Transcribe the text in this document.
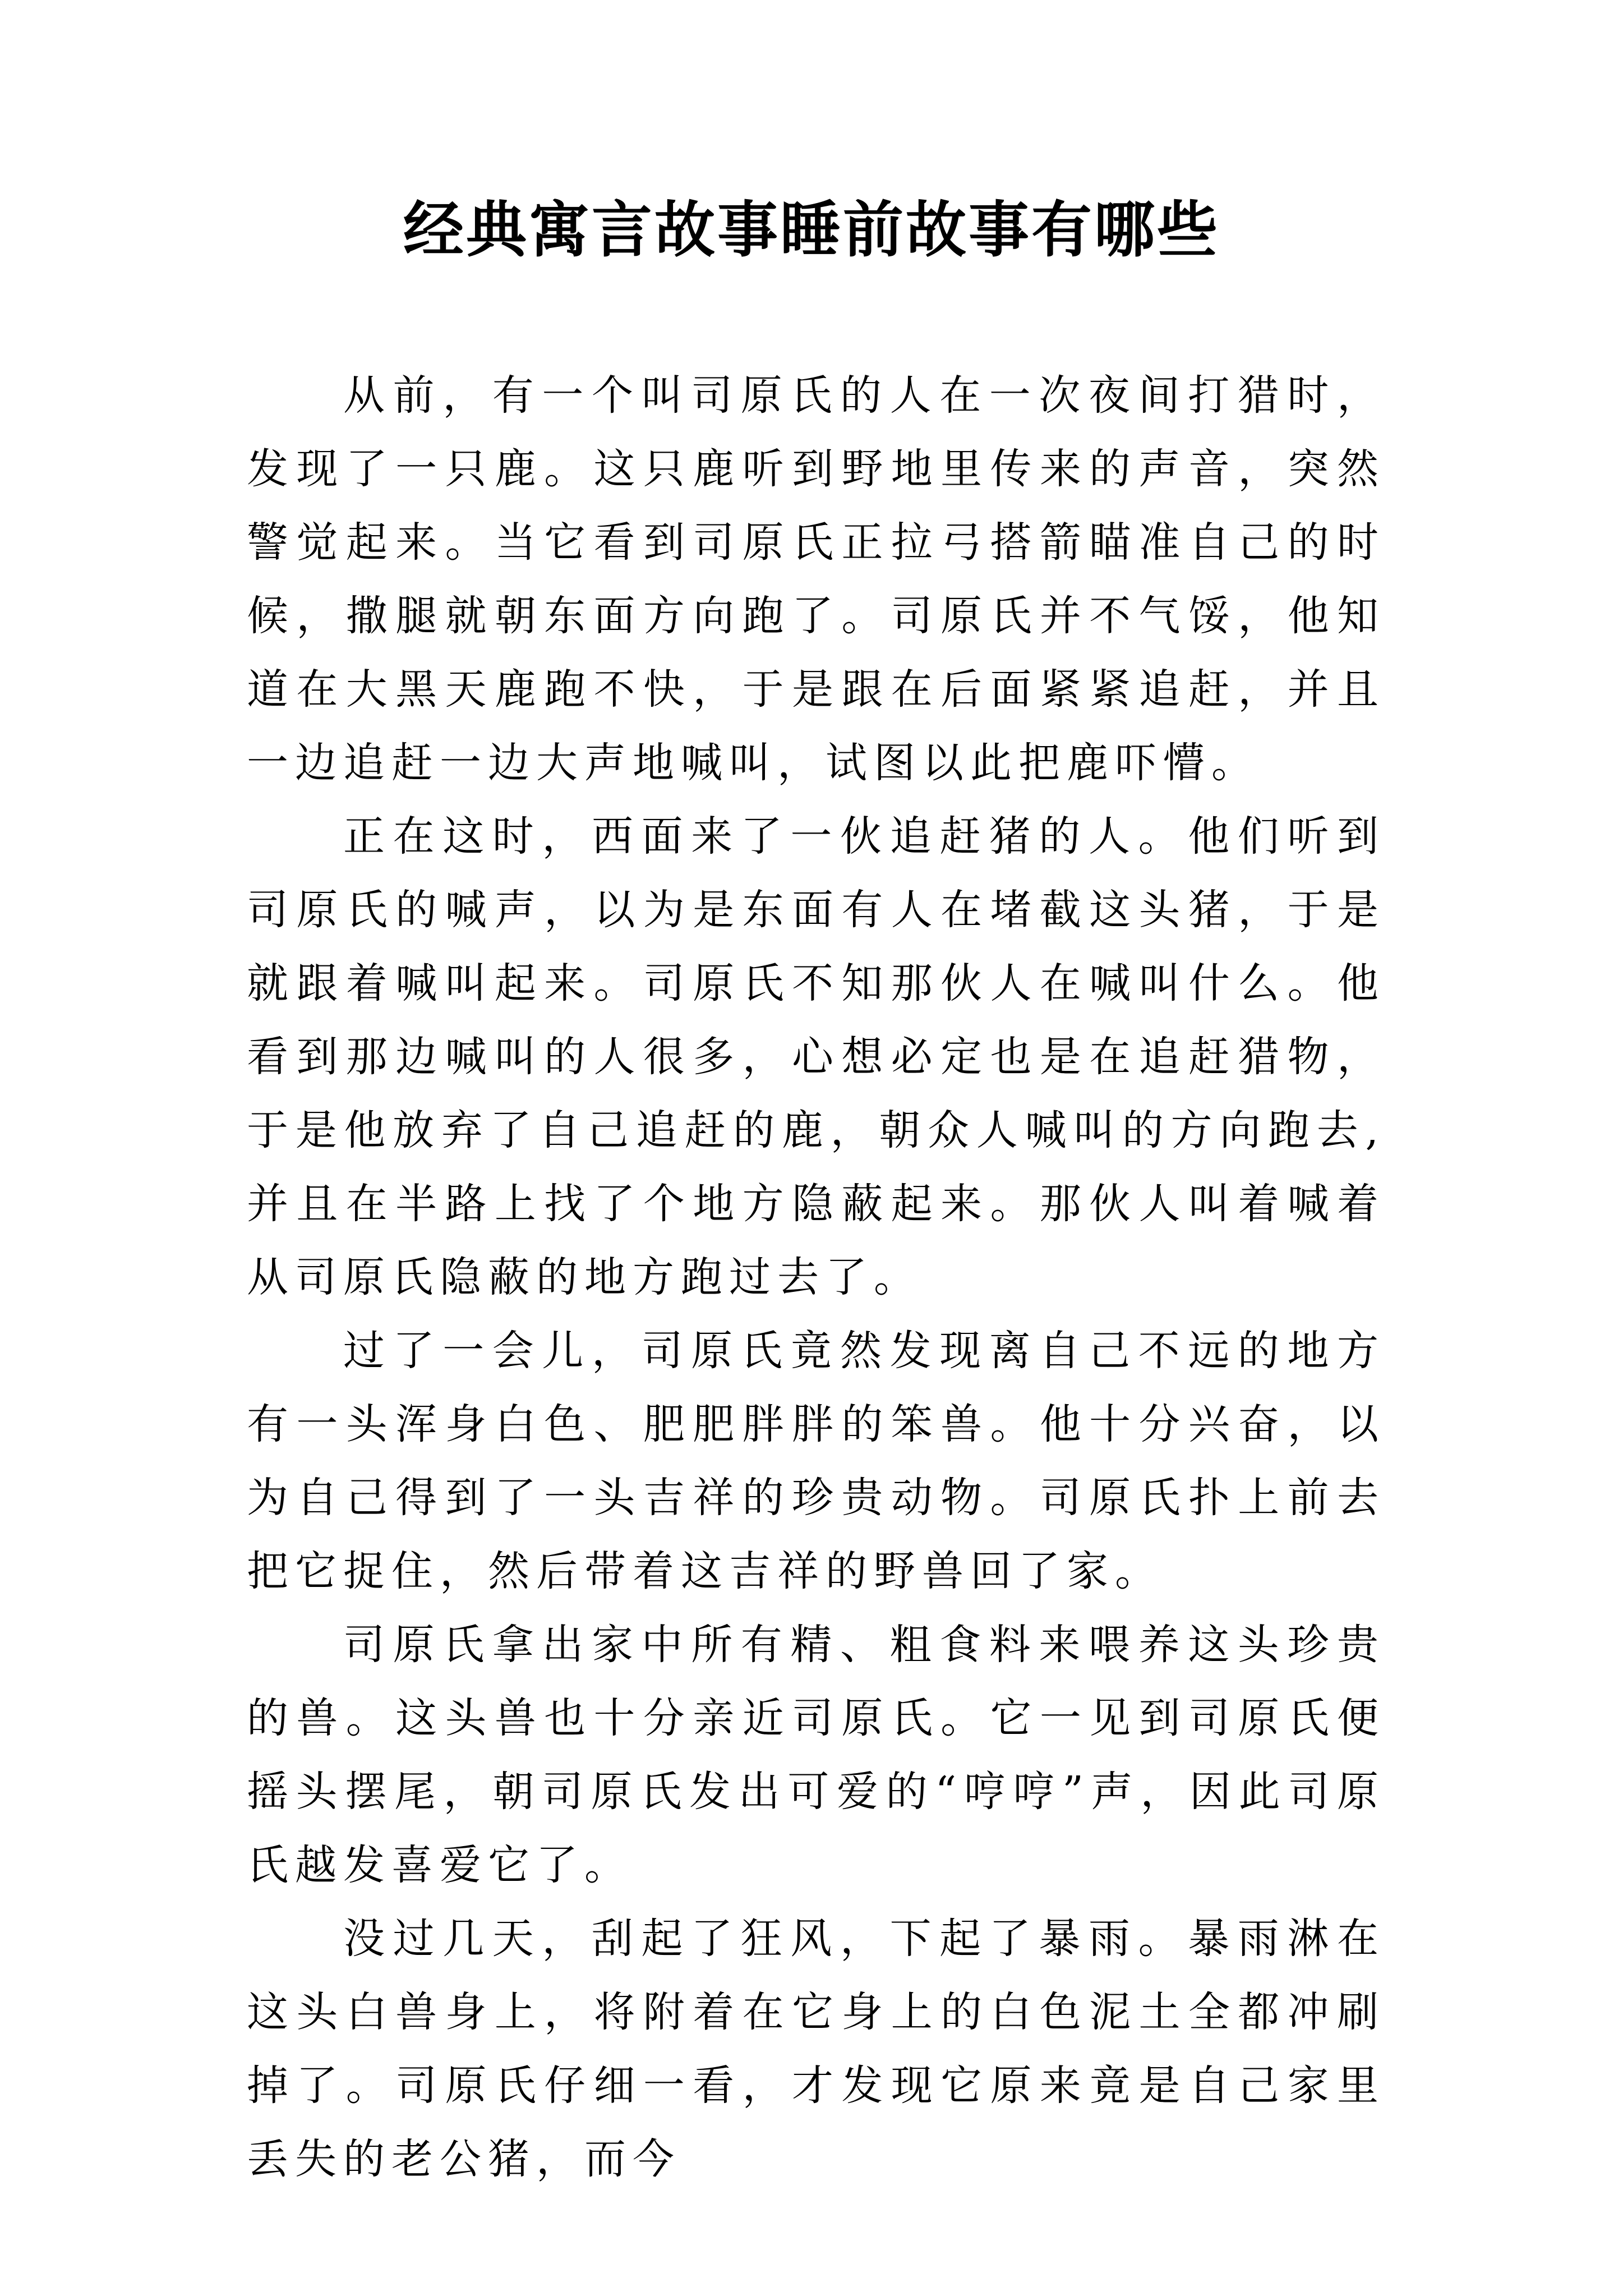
经典寓言故事睡前故事有哪些

从前，有一个叫司原氏的人在一次夜间打猎时，发现了一只鹿。这只鹿听到野地里传来的声音，突然警觉起来。当它看到司原氏正拉弓搭箭瞄准自己的时候，撒腿就朝东面方向跑了。司原氏并不气馁，他知道在大黑天鹿跑不快，于是跟在后面紧紧追赶，并且一边追赶一边大声地喊叫，试图以此把鹿吓懵。

正在这时，西面来了一伙追赶猪的人。他们听到司原氏的喊声，以为是东面有人在堵截这头猪，于是就跟着喊叫起来。司原氏不知那伙人在喊叫什么。他看到那边喊叫的人很多，心想必定也是在追赶猎物，于是他放弃了自己追赶的鹿，朝众人喊叫的方向跑去,并且在半路上找了个地方隐蔽起来。那伙人叫着喊着从司原氏隐蔽的地方跑过去了。

过了一会儿，司原氏竟然发现离自己不远的地方有一头浑身白色、肥肥胖胖的笨兽。他十分兴奋，以为自己得到了一头吉祥的珍贵动物。司原氏扑上前去把它捉住，然后带着这吉祥的野兽回了家。

司原氏拿出家中所有精、粗食料来喂养这头珍贵的兽。这头兽也十分亲近司原氏。它一见到司原氏便摇头摆尾，朝司原氏发出可爱的“哼哼”声，因此司原氏越发喜爱它了。

没过几天，刮起了狂风，下起了暴雨。暴雨淋在这头白兽身上，将附着在它身上的白色泥土全都冲刷掉了。司原氏仔细一看，才发现它原来竟是自己家里丢失的老公猪，而今
